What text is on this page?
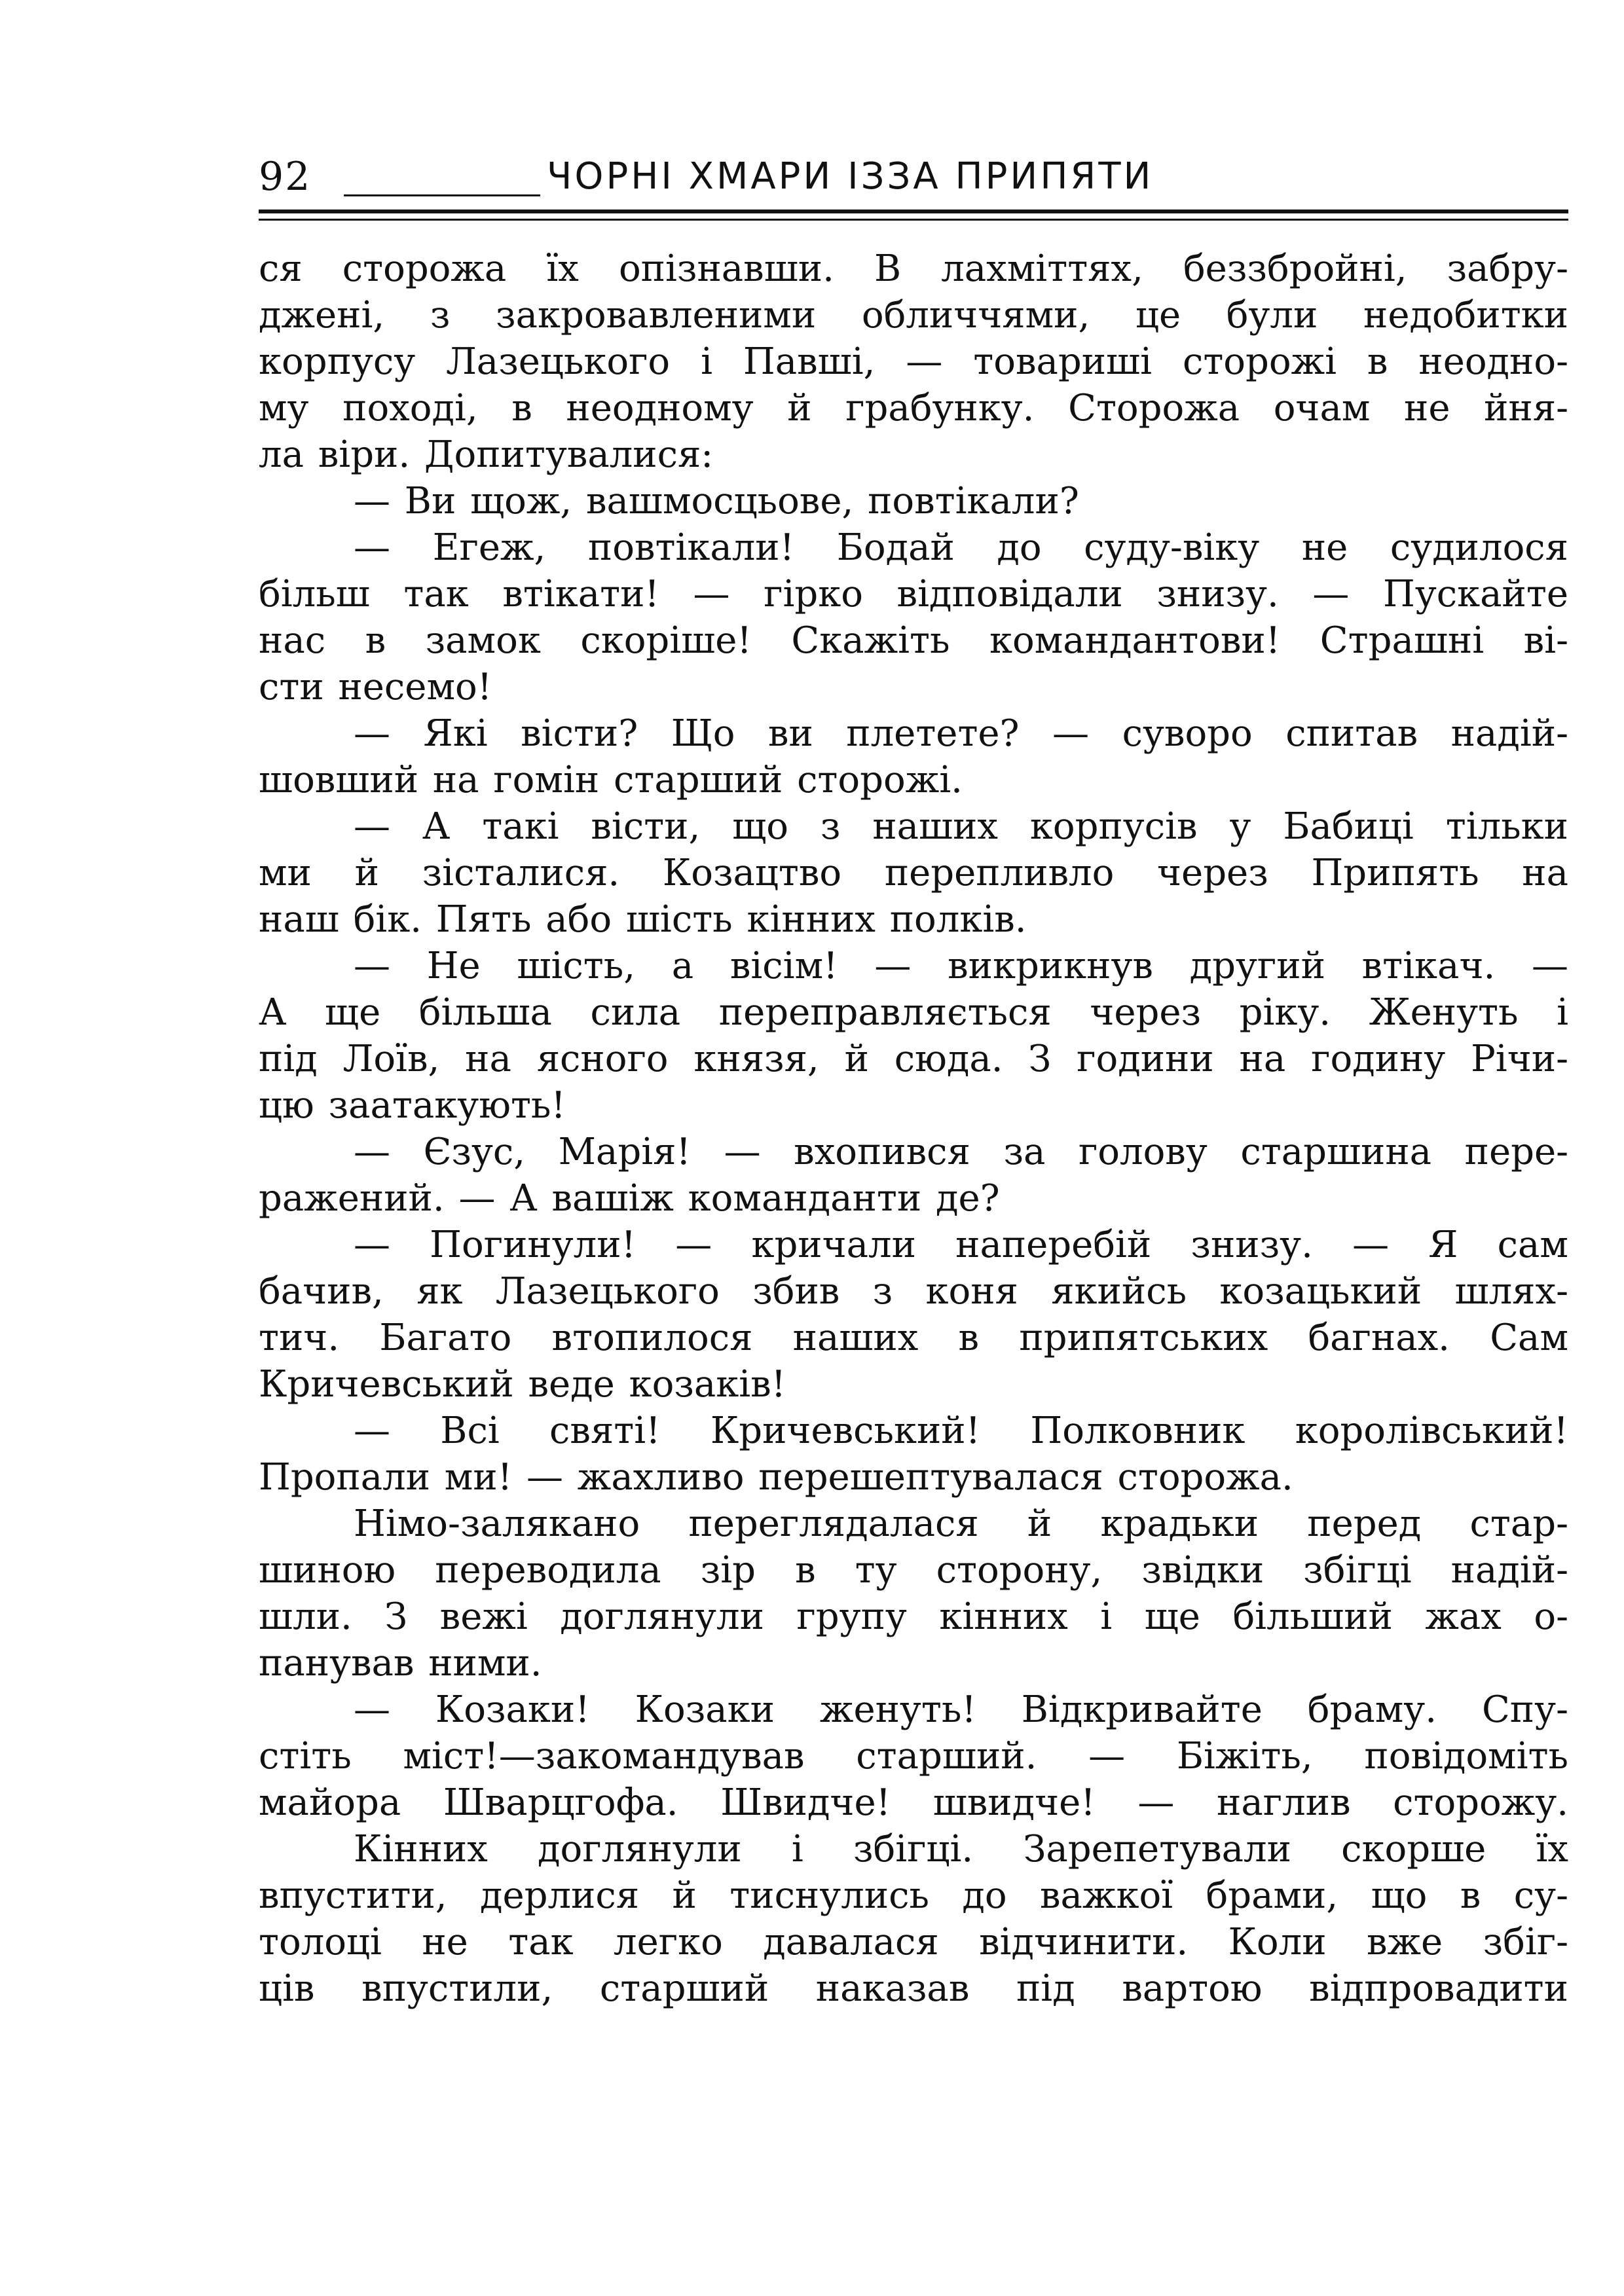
92	ЧОРНІ ХМАРИ ІЗЗА ПРИПЯТИ
ся сторожа їх опізнавши. В лахміттях, беззбройні, забру-
джені, з закровавленими обличчями, це були недобитки
корпусу Лазецького і Павші, — товариші сторожі в неодно-
му поході, в неодному й грабунку. Сторожа очам не йня-
ла віри. Допитувалися:
— Ви щож, вашмосцьове, повтікали?
— Егеж, повтікали! Бодай до суду-віку не судилося
більш так втікати! — гірко відповідали знизу. — Пускайте
нас в замок скоріше! Скажіть командантови! Страшні ві-
сти несемо!
— Які вісти? Що ви плетете? — суворо спитав надій-
шовший на гомін старший сторожі.
— А такі вісти, що з наших корпусів у Бабиці тільки
ми й зісталися. Козацтво перепливло через Припять на
наш бік. Пять або шість кінних полків.
— Не шість, а вісім! — викрикнув другий втікач. —
А ще більша сила переправляється через ріку. Женуть і
під Лоїв, на ясного князя, й сюда. З години на годину Річи-
цю заатакують!
— Єзус, Марія! — вхопився за голову старшина пере-
ражений. — А вашіж команданти де?
— Погинули! — кричали наперебій знизу. — Я сам
бачив, як Лазецького збив з коня якийсь козацький шлях-
тич. Багато втопилося наших в припятських багнах. Сам
Кричевський веде козаків!
— Всі святі! Кричевський! Полковник королівський!
Пропали ми! — жахливо перешептувалася сторожа.
Німо-залякано переглядалася й крадьки перед стар-
шиною переводила зір в ту сторону, звідки збігці надій-
шли. З вежі доглянули групу кінних і ще більший жах о-
панував ними.
— Козаки! Козаки женуть! Відкривайте браму. Спу-
стіть міст!—закомандував старший. — Біжіть, повідоміть
майора Шварцгофа. Швидче! швидче! — наглив сторожу.
Кінних доглянули і збігці. Зарепетували скорше їх
впустити, дерлися й тиснулись до важкої брами, що в су-
толоці не так легко давалася відчинити. Коли вже збіг-
ців впустили, старший наказав під вартою відпровадити
